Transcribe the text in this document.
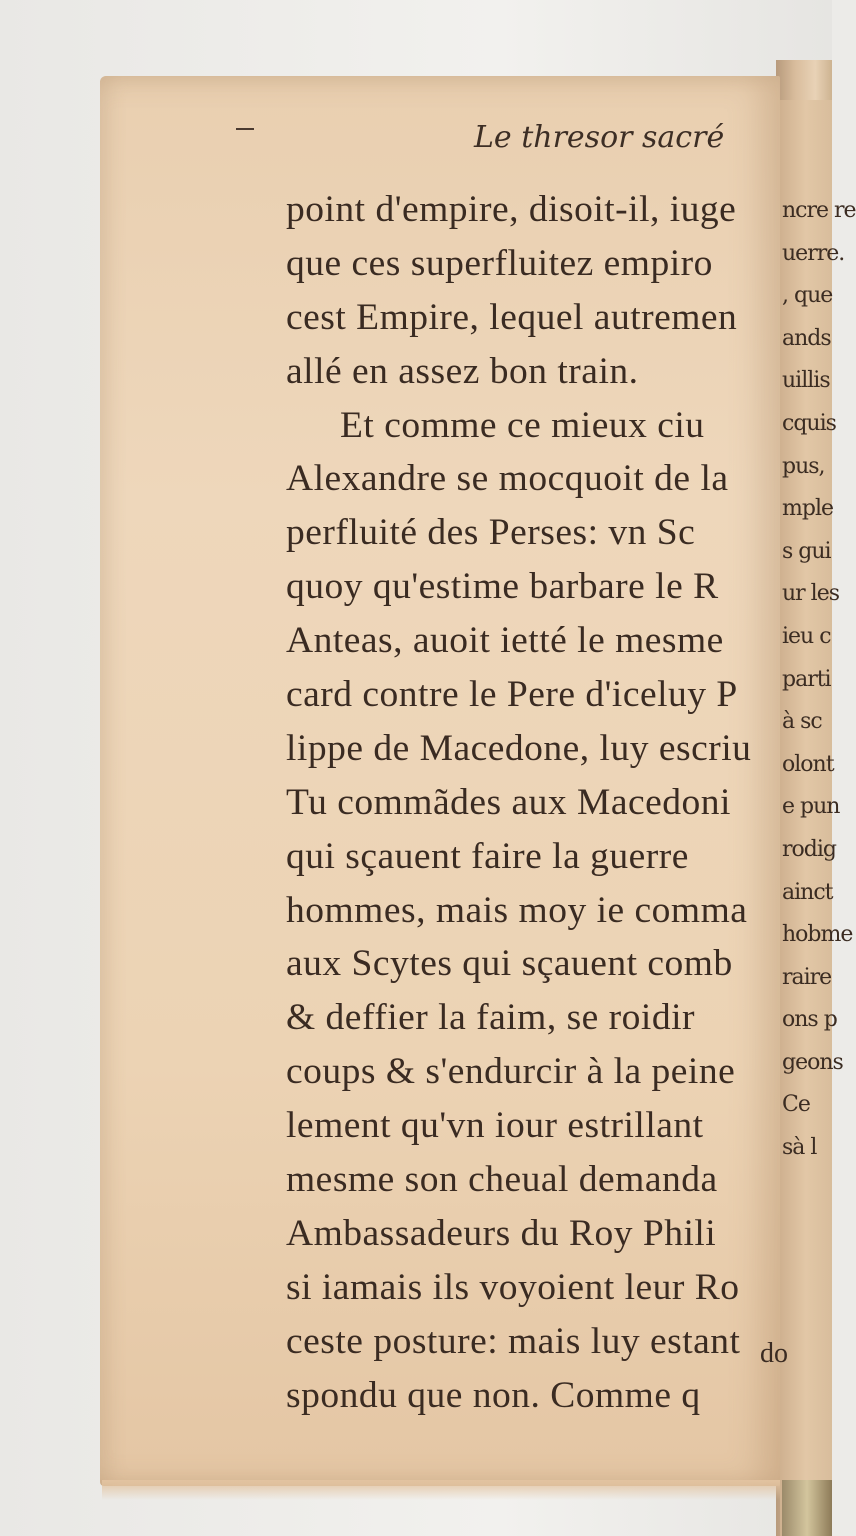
ncre re
uerre.
, que
ands
uillis
cquis
pus,
mple
s gui
ur les
ieu c
parti
à sc
olont
e pun
rodig
ainct
hobme
raire
ons p
geons
Ce
sà l
Le thresor sacré
point d'empire, disoit-il, iuge
que ces superfluitez empiro
cest Empire, lequel autremen
allé en assez bon train.
Et comme ce mieux ciu
Alexandre se mocquoit de la
perfluité des Perses: vn Sc
quoy qu'estime barbare le R
Anteas, auoit ietté le mesme
card contre le Pere d'iceluy P
lippe de Macedone, luy escriu
Tu commãdes aux Macedoni
qui sçauent faire la guerre
hommes, mais moy ie comma
aux Scytes qui sçauent comb
& deffier la faim, se roidir
coups & s'endurcir à la peine
lement qu'vn iour estrillant
mesme son cheual demanda
Ambassadeurs du Roy Phili
si iamais ils voyoient leur Ro
ceste posture: mais luy estant
spondu que non. Comme q
do
